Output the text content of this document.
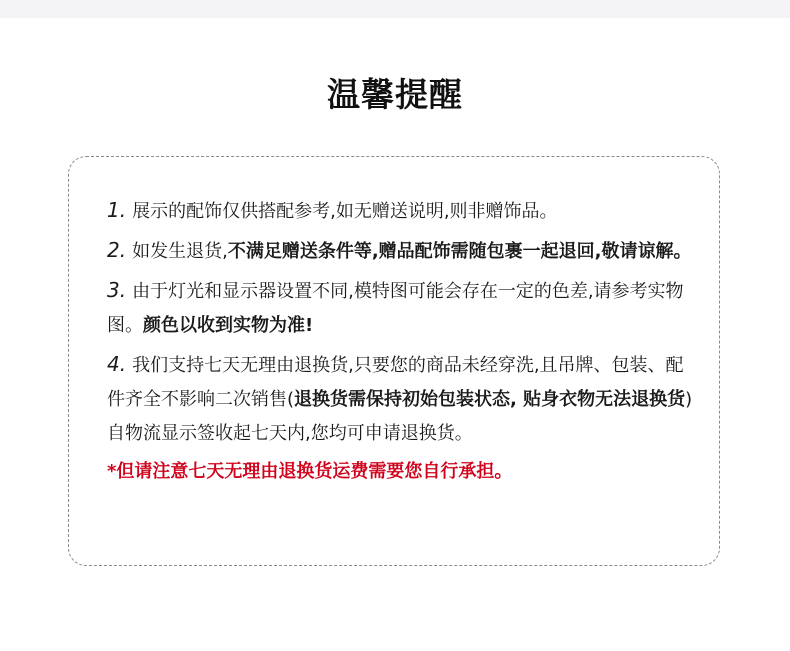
温馨提醒

1. 展示的配饰仅供搭配参考,如无赠送说明,则非赠饰品。

2. 如发生退货,不满足赠送条件等,赠品配饰需随包裹一起退回,敬请谅解。

3. 由于灯光和显示器设置不同,模特图可能会存在一定的色差,请参考实物图。颜色以收到实物为准!

4. 我们支持七天无理由退换货,只要您的商品未经穿洗,且吊牌、包装、配件齐全不影响二次销售(退换货需保持初始包装状态, 贴身衣物无法退换货)自物流显示签收起七天内,您均可申请退换货。

*但请注意七天无理由退换货运费需要您自行承担。
